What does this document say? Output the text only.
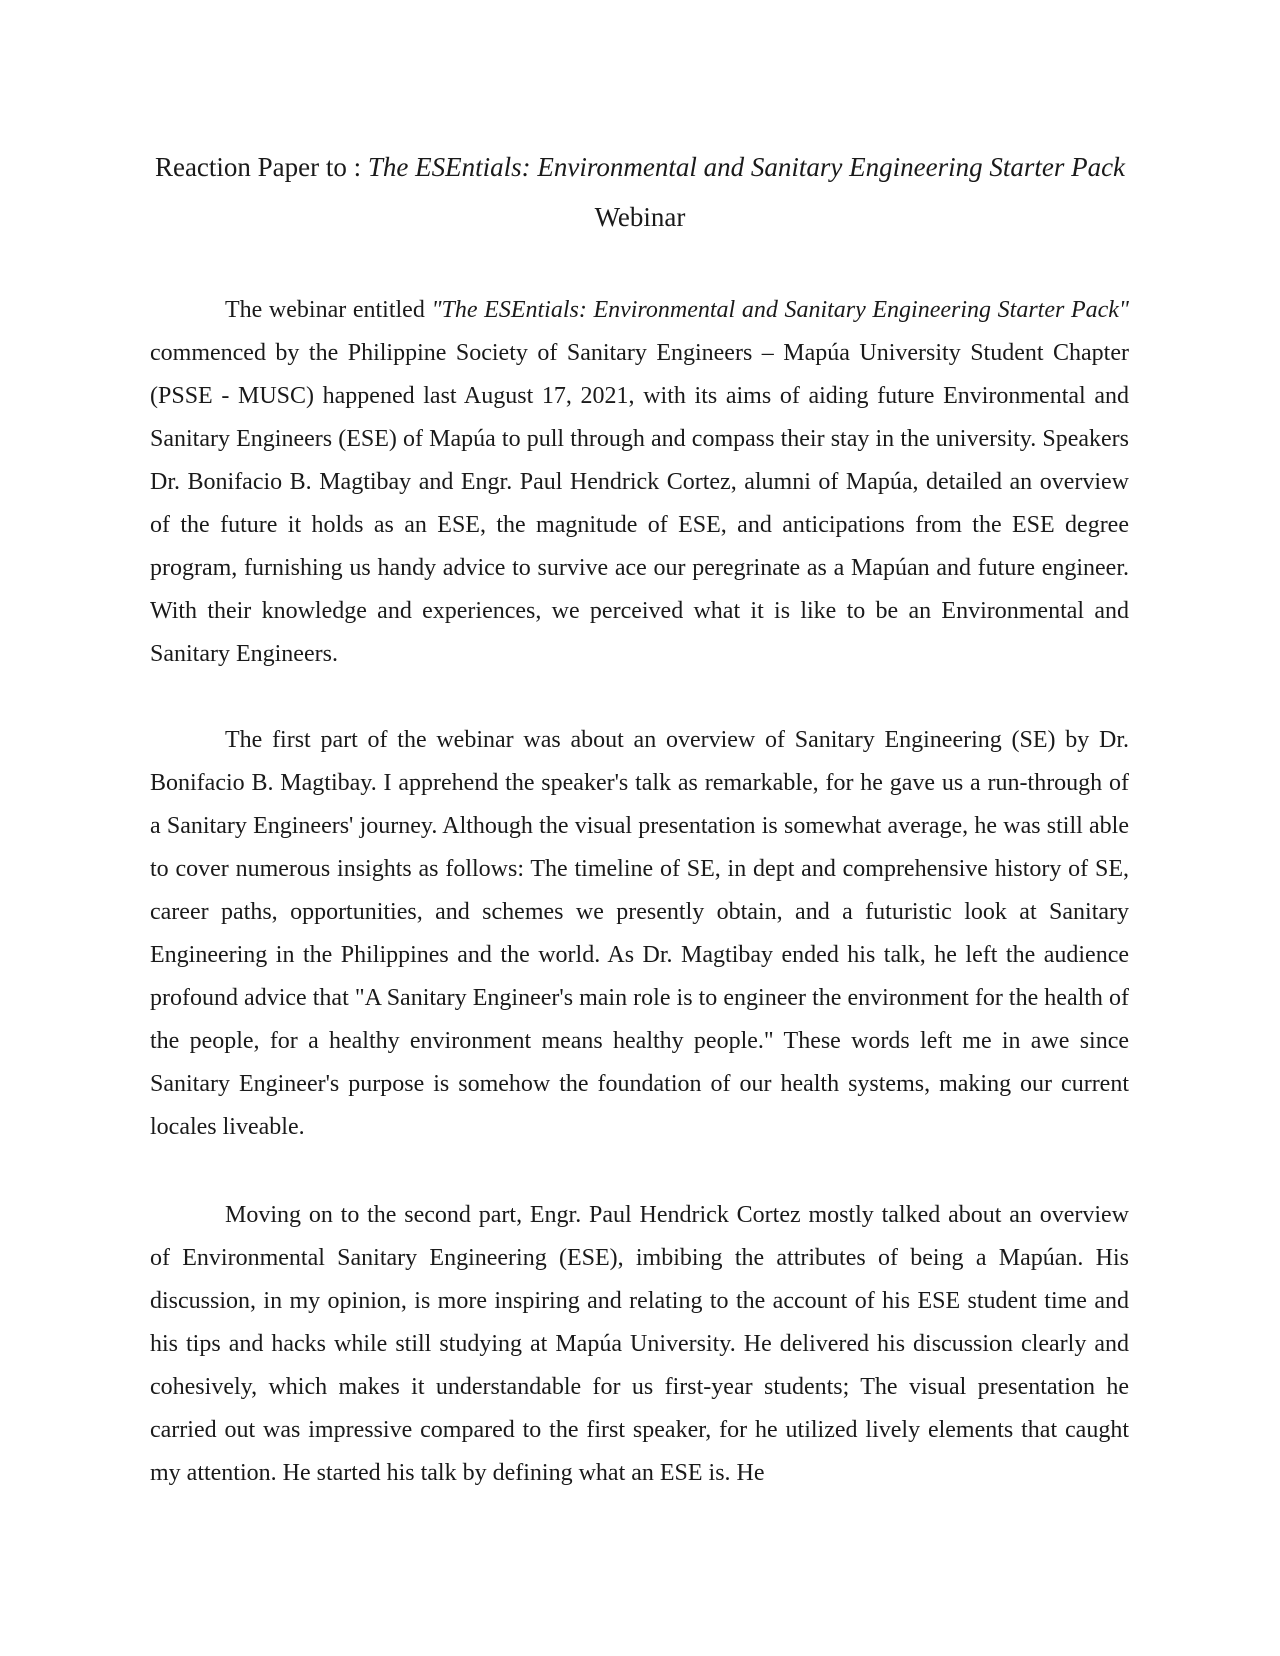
Reaction Paper to : The ESEntials: Environmental and Sanitary Engineering Starter Pack Webinar

The webinar entitled "The ESEntials: Environmental and Sanitary Engineering Starter Pack" commenced by the Philippine Society of Sanitary Engineers – Mapúa University Student Chapter (PSSE - MUSC) happened last August 17, 2021, with its aims of aiding future Environmental and Sanitary Engineers (ESE) of Mapúa to pull through and compass their stay in the university. Speakers Dr. Bonifacio B. Magtibay and Engr. Paul Hendrick Cortez, alumni of Mapúa, detailed an overview of the future it holds as an ESE, the magnitude of ESE, and anticipations from the ESE degree program, furnishing us handy advice to survive ace our peregrinate as a Mapúan and future engineer. With their knowledge and experiences, we perceived what it is like to be an Environmental and Sanitary Engineers.

The first part of the webinar was about an overview of Sanitary Engineering (SE) by Dr. Bonifacio B. Magtibay. I apprehend the speaker's talk as remarkable, for he gave us a run-through of a Sanitary Engineers' journey. Although the visual presentation is somewhat average, he was still able to cover numerous insights as follows: The timeline of SE, in dept and comprehensive history of SE, career paths, opportunities, and schemes we presently obtain, and a futuristic look at Sanitary Engineering in the Philippines and the world. As Dr. Magtibay ended his talk, he left the audience profound advice that "A Sanitary Engineer's main role is to engineer the environment for the health of the people, for a healthy environment means healthy people." These words left me in awe since Sanitary Engineer's purpose is somehow the foundation of our health systems, making our current locales liveable.

Moving on to the second part, Engr. Paul Hendrick Cortez mostly talked about an overview of Environmental Sanitary Engineering (ESE), imbibing the attributes of being a Mapúan. His discussion, in my opinion, is more inspiring and relating to the account of his ESE student time and his tips and hacks while still studying at Mapúa University. He delivered his discussion clearly and cohesively, which makes it understandable for us first-year students; The visual presentation he carried out was impressive compared to the first speaker, for he utilized lively elements that caught my attention. He started his talk by defining what an ESE is. He
